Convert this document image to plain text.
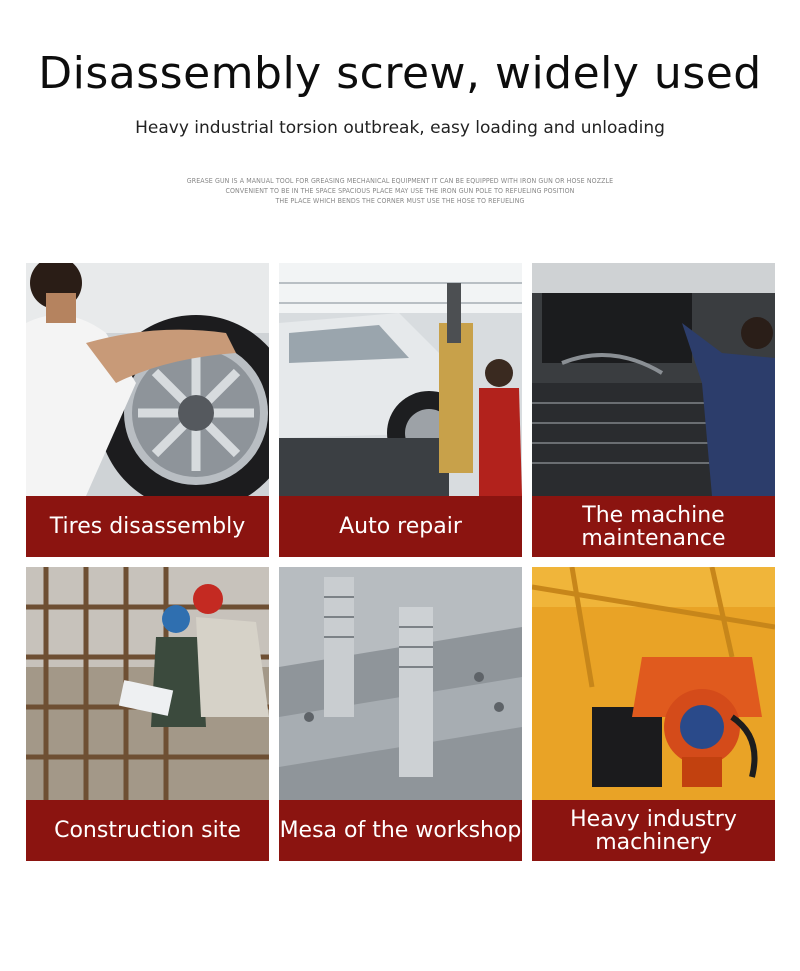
Disassembly screw, widely used
Heavy industrial torsion outbreak, easy loading and unloading
GREASE GUN IS A MANUAL TOOL FOR GREASING MECHANICAL EQUIPMENT IT CAN BE EQUIPPED WITH IRON GUN OR HOSE NOZZLE
CONVENIENT TO BE IN THE SPACE SPACIOUS PLACE MAY USE THE IRON GUN POLE TO REFUELING POSITION
THE PLACE WHICH BENDS THE CORNER MUST USE THE HOSE TO REFUELING
Tires disassembly	Auto repair	The machine maintenance
Construction site	Mesa of the workshop	Heavy industry machinery
